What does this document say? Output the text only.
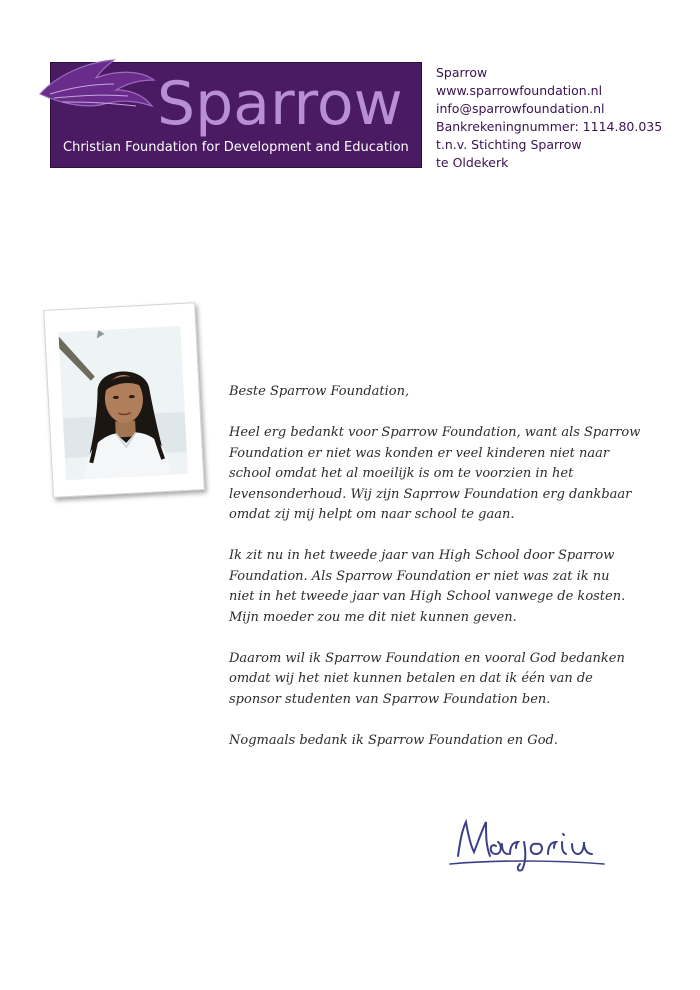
Sparrow
Christian Foundation for Development and Education
Sparrow
www.sparrowfoundation.nl
info@sparrowfoundation.nl
Bankrekeningnummer: 1114.80.035
t.n.v. Stichting Sparrow
te Oldekerk

Beste Sparrow Foundation,

Heel erg bedankt voor Sparrow Foundation, want als Sparrow
Foundation er niet was konden er veel kinderen niet naar
school omdat het al moeilijk is om te voorzien in het
levensonderhoud. Wij zijn Saprrow Foundation erg dankbaar
omdat zij mij helpt om naar school te gaan.

Ik zit nu in het tweede jaar van High School door Sparrow
Foundation. Als Sparrow Foundation er niet was zat ik nu
niet in het tweede jaar van High School vanwege de kosten.
Mijn moeder zou me dit niet kunnen geven.

Daarom wil ik Sparrow Foundation en vooral God bedanken
omdat wij het niet kunnen betalen en dat ik één van de
sponsor studenten van Sparrow Foundation ben.

Nogmaals bedank ik Sparrow Foundation en God.
